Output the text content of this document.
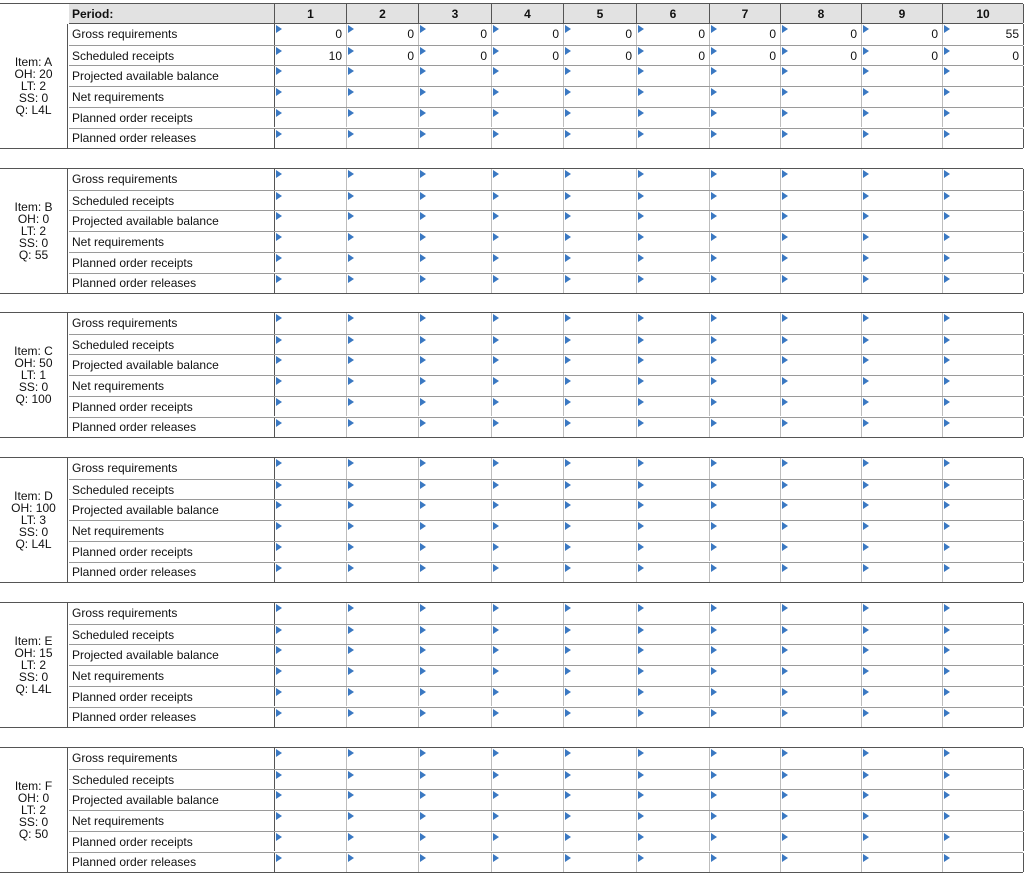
Period:	1	2	3	4	5	6	7	8	9	10
Item: A
OH: 20
LT: 2
SS: 0
Q: L4L
Gross requirements	0	0	0	0	0	0	0	0	0	55
Scheduled receipts	10	0	0	0	0	0	0	0	0	0
Projected available balance
Net requirements
Planned order receipts
Planned order releases
Item: B
OH: 0
LT: 2
SS: 0
Q: 55
Gross requirements
Scheduled receipts
Projected available balance
Net requirements
Planned order receipts
Planned order releases
Item: C
OH: 50
LT: 1
SS: 0
Q: 100
Gross requirements
Scheduled receipts
Projected available balance
Net requirements
Planned order receipts
Planned order releases
Item: D
OH: 100
LT: 3
SS: 0
Q: L4L
Gross requirements
Scheduled receipts
Projected available balance
Net requirements
Planned order receipts
Planned order releases
Item: E
OH: 15
LT: 2
SS: 0
Q: L4L
Gross requirements
Scheduled receipts
Projected available balance
Net requirements
Planned order receipts
Planned order releases
Item: F
OH: 0
LT: 2
SS: 0
Q: 50
Gross requirements
Scheduled receipts
Projected available balance
Net requirements
Planned order receipts
Planned order releases
